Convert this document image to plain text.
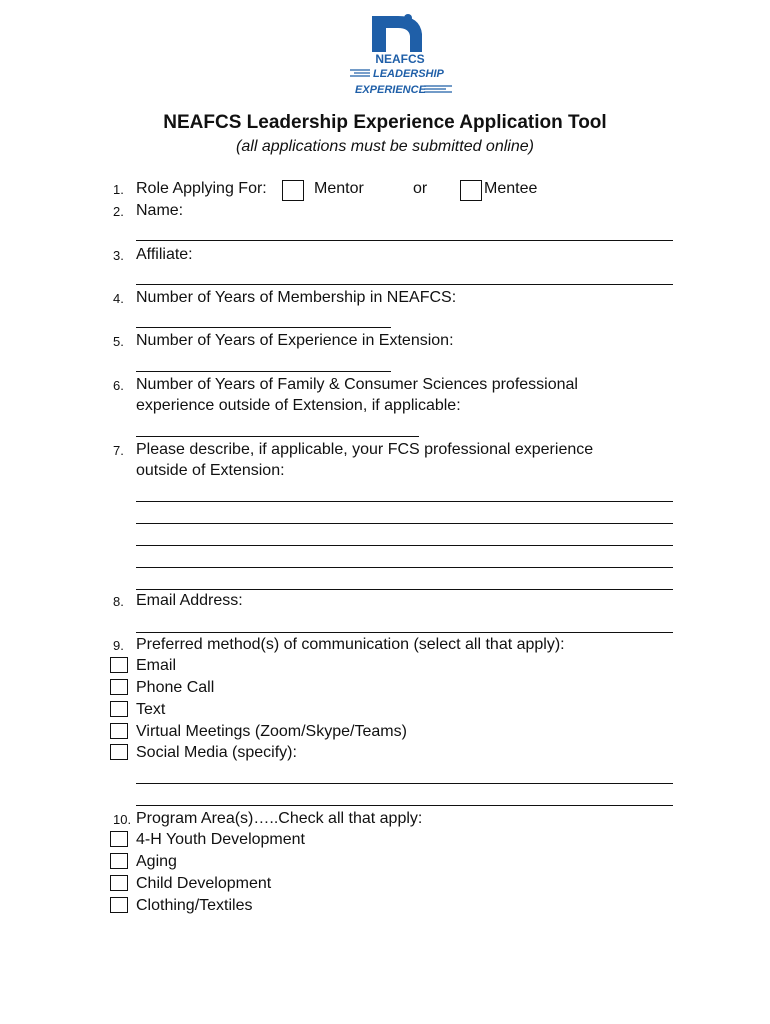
NEAFCS
LEADERSHIP
EXPERIENCE
NEAFCS Leadership Experience Application Tool
(all applications must be submitted online)
1. Role Applying For:	Mentor	or	Mentee
2. Name:
3. Affiliate:
4. Number of Years of Membership in NEAFCS:
5. Number of Years of Experience in Extension:
6. Number of Years of Family & Consumer Sciences professional
experience outside of Extension, if applicable:
7. Please describe, if applicable, your FCS professional experience
outside of Extension:
8. Email Address:
9. Preferred method(s) of communication (select all that apply):
Email
Phone Call
Text
Virtual Meetings (Zoom/Skype/Teams)
Social Media (specify):
10. Program Area(s)…..Check all that apply:
4-H Youth Development
Aging
Child Development
Clothing/Textiles
